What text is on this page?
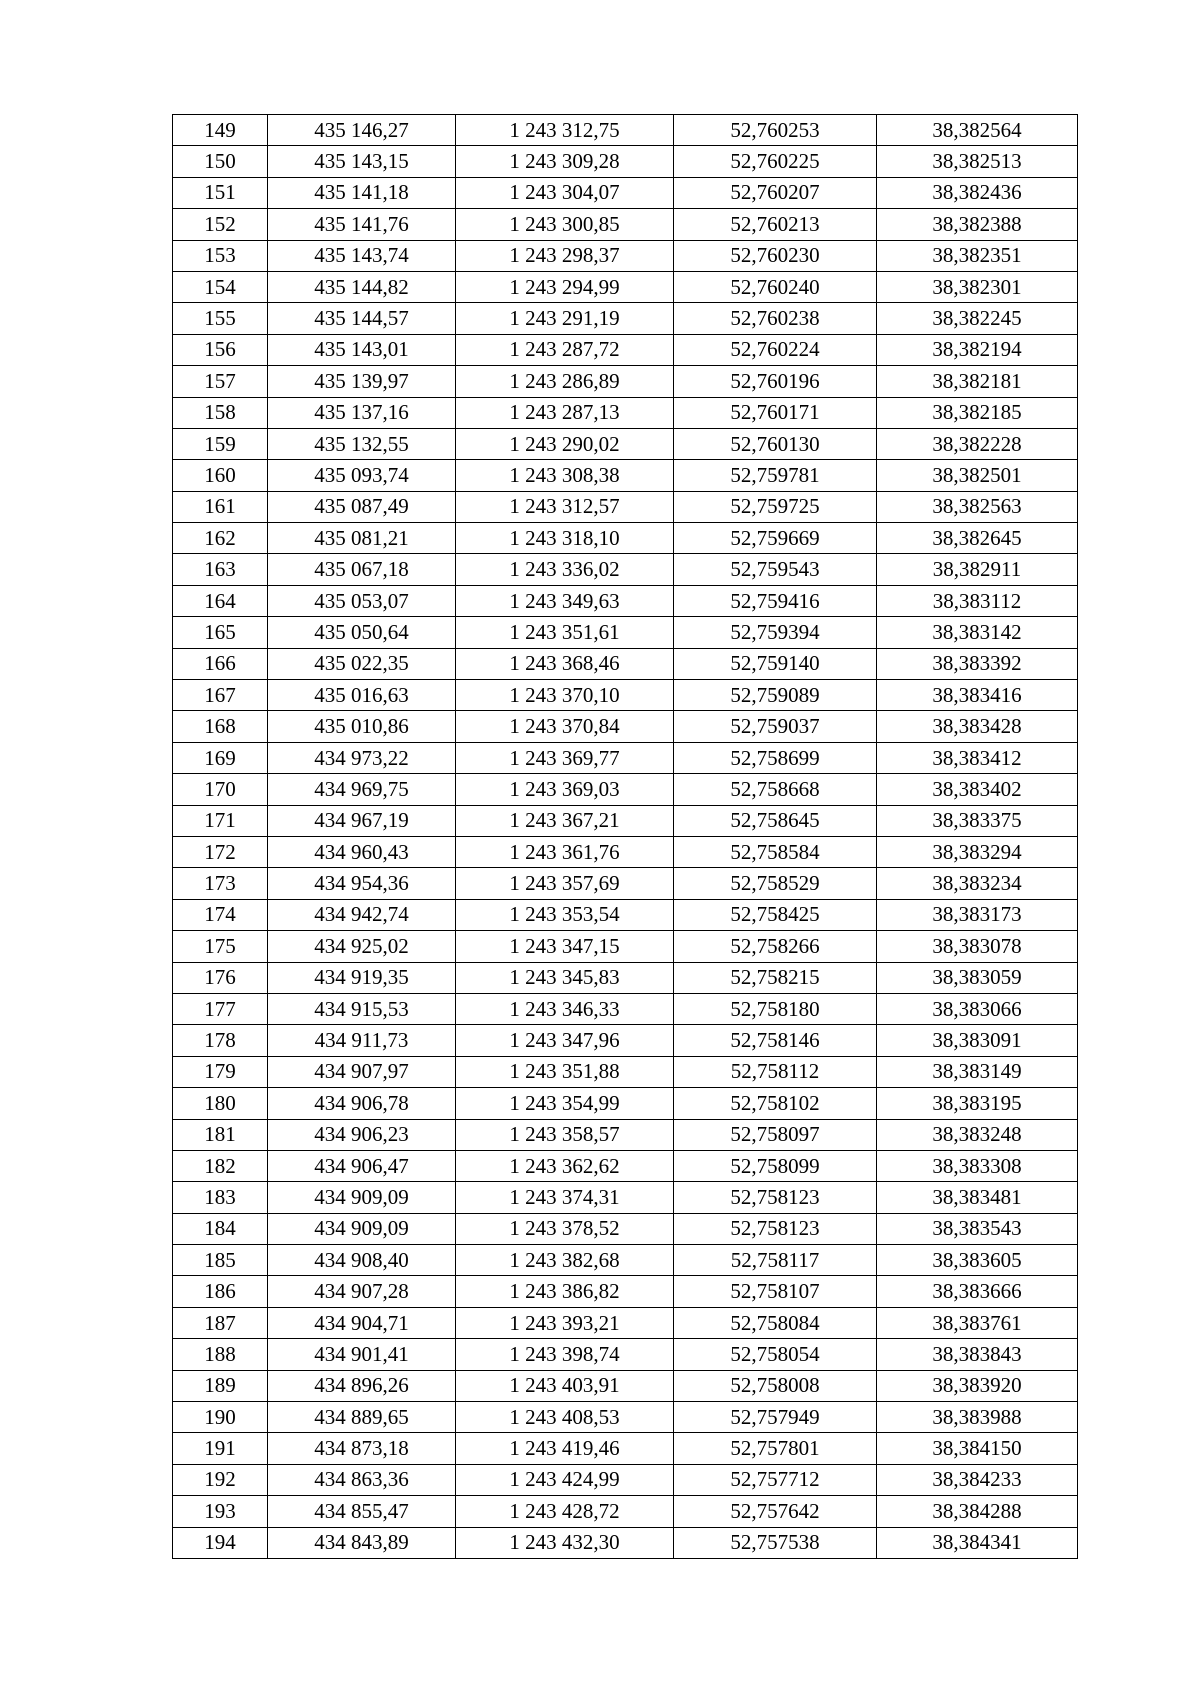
149	435 146,27	1 243 312,75	52,760253	38,382564
150	435 143,15	1 243 309,28	52,760225	38,382513
151	435 141,18	1 243 304,07	52,760207	38,382436
152	435 141,76	1 243 300,85	52,760213	38,382388
153	435 143,74	1 243 298,37	52,760230	38,382351
154	435 144,82	1 243 294,99	52,760240	38,382301
155	435 144,57	1 243 291,19	52,760238	38,382245
156	435 143,01	1 243 287,72	52,760224	38,382194
157	435 139,97	1 243 286,89	52,760196	38,382181
158	435 137,16	1 243 287,13	52,760171	38,382185
159	435 132,55	1 243 290,02	52,760130	38,382228
160	435 093,74	1 243 308,38	52,759781	38,382501
161	435 087,49	1 243 312,57	52,759725	38,382563
162	435 081,21	1 243 318,10	52,759669	38,382645
163	435 067,18	1 243 336,02	52,759543	38,382911
164	435 053,07	1 243 349,63	52,759416	38,383112
165	435 050,64	1 243 351,61	52,759394	38,383142
166	435 022,35	1 243 368,46	52,759140	38,383392
167	435 016,63	1 243 370,10	52,759089	38,383416
168	435 010,86	1 243 370,84	52,759037	38,383428
169	434 973,22	1 243 369,77	52,758699	38,383412
170	434 969,75	1 243 369,03	52,758668	38,383402
171	434 967,19	1 243 367,21	52,758645	38,383375
172	434 960,43	1 243 361,76	52,758584	38,383294
173	434 954,36	1 243 357,69	52,758529	38,383234
174	434 942,74	1 243 353,54	52,758425	38,383173
175	434 925,02	1 243 347,15	52,758266	38,383078
176	434 919,35	1 243 345,83	52,758215	38,383059
177	434 915,53	1 243 346,33	52,758180	38,383066
178	434 911,73	1 243 347,96	52,758146	38,383091
179	434 907,97	1 243 351,88	52,758112	38,383149
180	434 906,78	1 243 354,99	52,758102	38,383195
181	434 906,23	1 243 358,57	52,758097	38,383248
182	434 906,47	1 243 362,62	52,758099	38,383308
183	434 909,09	1 243 374,31	52,758123	38,383481
184	434 909,09	1 243 378,52	52,758123	38,383543
185	434 908,40	1 243 382,68	52,758117	38,383605
186	434 907,28	1 243 386,82	52,758107	38,383666
187	434 904,71	1 243 393,21	52,758084	38,383761
188	434 901,41	1 243 398,74	52,758054	38,383843
189	434 896,26	1 243 403,91	52,758008	38,383920
190	434 889,65	1 243 408,53	52,757949	38,383988
191	434 873,18	1 243 419,46	52,757801	38,384150
192	434 863,36	1 243 424,99	52,757712	38,384233
193	434 855,47	1 243 428,72	52,757642	38,384288
194	434 843,89	1 243 432,30	52,757538	38,384341
